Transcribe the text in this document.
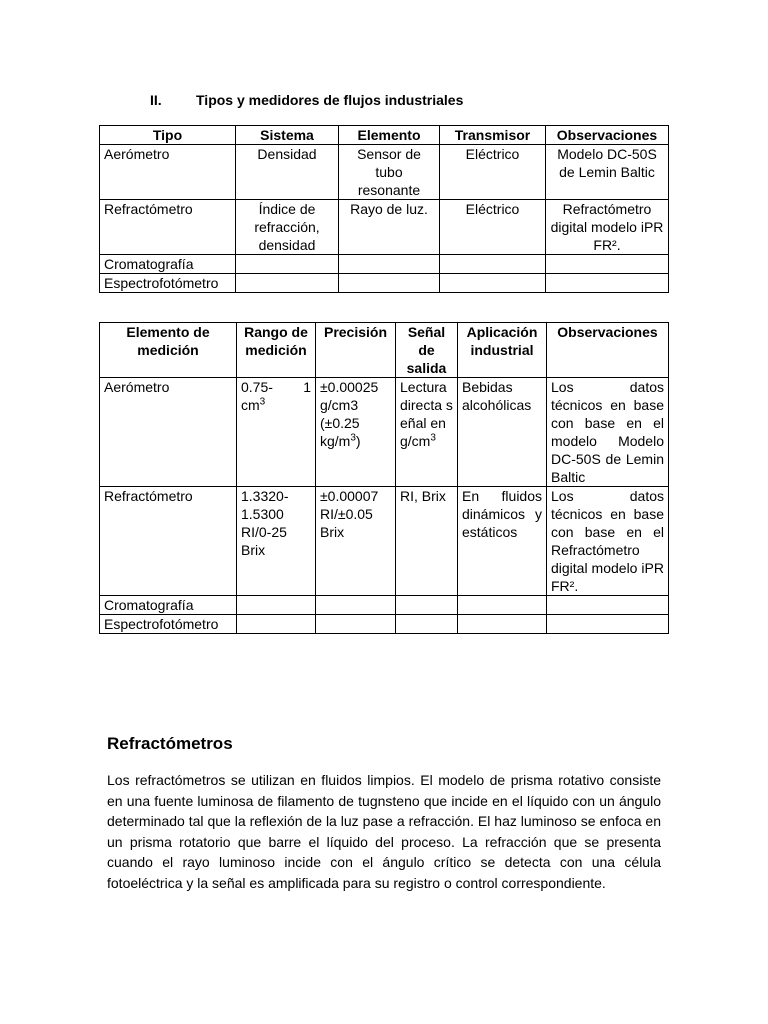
II. Tipos y medidores de flujos industriales
Tipo	Sistema	Elemento	Transmisor	Observaciones
Aerómetro	Densidad	Sensor de tubo resonante	Eléctrico	Modelo DC-50S de Lemin Baltic
Refractómetro	Índice de refracción, densidad	Rayo de luz.	Eléctrico	Refractómetro digital modelo iPR FR².
Cromatografía				
Espectrofotómetro				
Elemento de medición	Rango de medición	Precisión	Señal de salida	Aplicación industrial	Observaciones
Aerómetro	0.75- 1 $cm^3$	±0.00025 g/cm3 (±0.25 $kg/m^3$)	Lectura directa señal en $g/cm^3$	Bebidas alcohólicas	Los datos técnicos en base con base en el modelo Modelo DC-50S de Lemin Baltic
Refractómetro	1.3320-1.5300 RI/0-25 Brix	±0.00007 RI/±0.05 Brix	RI, Brix	En fluidos dinámicos y estáticos	Los datos técnicos en base con base en el Refractómetro digital modelo iPR FR².
Cromatografía					
Espectrofotómetro					
Refractómetros
Los refractómetros se utilizan en fluidos limpios. El modelo de prisma rotativo consiste en una fuente luminosa de filamento de tugnsteno que incide en el líquido con un ángulo determinado tal que la reflexión de la luz pase a refracción. El haz luminoso se enfoca en un prisma rotatorio que barre el líquido del proceso. La refracción que se presenta cuando el rayo luminoso incide con el ángulo crítico se detecta con una célula fotoeléctrica y la señal es amplificada para su registro o control correspondiente.
